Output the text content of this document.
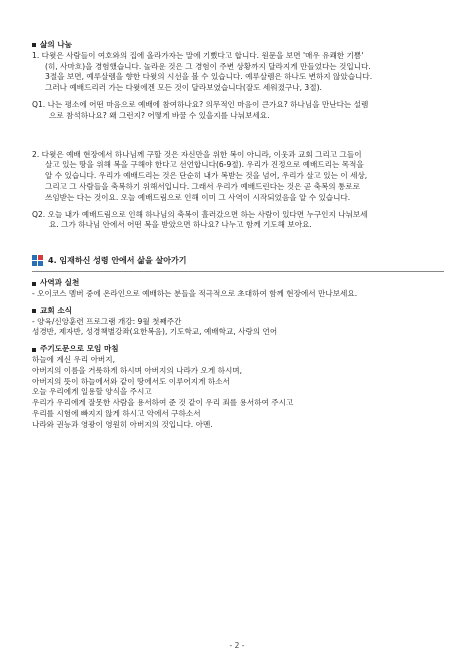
삶의 나눔

1. 다윗은 사람들이 여호와의 집에 올라가자는 말에 기뻤다고 합니다. 원문을 보면 '매우 유쾌한 기쁨'

(히, 사마흐)을 경험했습니다. 놀라운 것은 그 경험이 주변 상황까지 달라지게 만들었다는 것입니다.

3절을 보면, 예루살렘을 향한 다윗의 시선을 볼 수 있습니다. 예루살렘은 하나도 변하지 않았습니다.

그러나 예배드리러 가는 다윗에겐 모든 것이 달라보였습니다(잘도 세워졌구나, 3절).

Q1. 나는 평소에 어떤 마음으로 예배에 참여하나요? 의무적인 마음이 큰가요? 하나님을 만난다는 설렘

으로 참석하나요? 왜 그런지? 어떻게 바꿀 수 있을지를 나눠보세요.

2. 다윗은 예배 현장에서 하나님께 구할 것은 자신만을 위한 복이 아니라, 이웃과 교회 그리고 그들이

살고 있는 땅을 위해 복을 구해야 한다고 선언합니다(6-9절). 우리가 진정으로 예배드리는 목적을

알 수 있습니다. 우리가 예배드리는 것은 단순히 내가 복받는 것을 넘어, 우리가 살고 있는 이 세상,

그리고 그 사람들을 축복하기 위해서입니다. 그래서 우리가 예배드린다는 것은 곧 축복의 통로로

쓰임받는 다는 것이요. 오늘 예배드림으로 인해 이미 그 사역이 시작되었음을 알 수 있습니다.

Q2. 오늘 내가 예배드림으로 인해 하나님의 축복이 흘러갔으면 하는 사람이 있다면 누구인지 나눠보세

요. 그가 하나님 안에서 어떤 복을 받았으면 하나요? 나누고 함께 기도해 보아요.

4. 임재하신 성령 안에서 삶을 살아가기
사역과 실천

- 오이코스 멤버 중에 온라인으로 예배하는 분들을 적극적으로 초대하여 함께 현장에서 만나보세요.

교회 소식

- 양육/신앙훈련 프로그램 개강: 9월 첫째주간

성경반, 제자반, 성경책별강좌(요한복음), 기도학교, 예배학교, 사랑의 언어

주기도문으로 모임 마침

하늘에 계신 우리 아버지,

아버지의 이름을 거룩하게 하시며 아버지의 나라가 오게 하시며,

아버지의 뜻이 하늘에서와 같이 땅에서도 이루어지게 하소서

오늘 우리에게 일용할 양식을 주시고

우리가 우리에게 잘못한 사람을 용서하여 준 것 같이 우리 죄를 용서하여 주시고

우리를 시험에 빠지지 않게 하시고 악에서 구하소서

나라와 권능과 영광이 영원히 아버지의 것입니다. 아멘.

- 2 -
